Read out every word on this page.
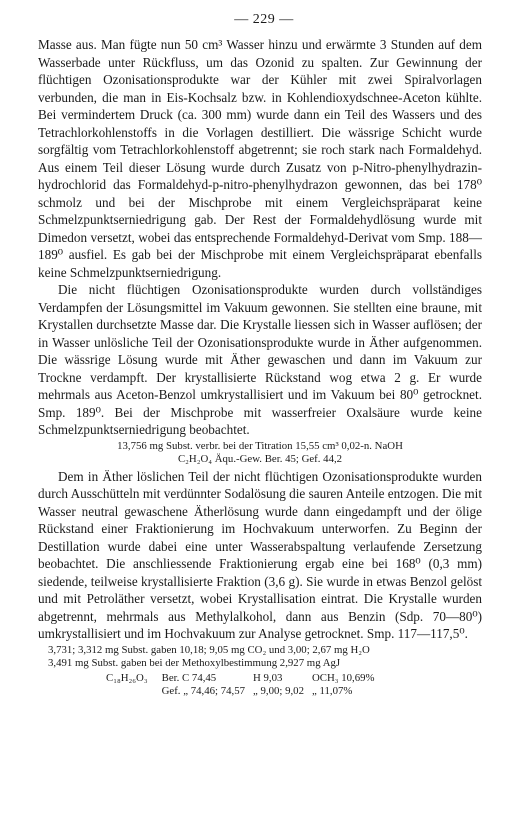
— 229 —

Masse aus. Man fügte nun 50 cm³ Wasser hinzu und erwärmte 3 Stunden auf dem Wasserbade unter Rückfluss, um das Ozonid zu spalten. Zur Gewinnung der flüchtigen Ozonisationsprodukte war der Kühler mit zwei Spiralvorlagen verbunden, die man in Eis-Kochsalz bzw. in Kohlendioxydschnee-Aceton kühlte. Bei vermindertem Druck (ca. 300 mm) wurde dann ein Teil des Wassers und des Tetrachlorkohlenstoffs in die Vorlagen destilliert. Die wässrige Schicht wurde sorgfältig vom Tetrachlorkohlenstoff abgetrennt; sie roch stark nach Formaldehyd. Aus einem Teil dieser Lösung wurde durch Zusatz von p-Nitro-phenylhydrazin-hydrochlorid das Formaldehyd-p-nitro-phenylhydrazon gewonnen, das bei 178⁰ schmolz und bei der Mischprobe mit einem Vergleichspräparat keine Schmelzpunktserniedrigung gab. Der Rest der Formaldehydlösung wurde mit Dimedon versetzt, wobei das entsprechende Formaldehyd-Derivat vom Smp. 188—189⁰ ausfiel. Es gab bei der Mischprobe mit einem Vergleichspräparat ebenfalls keine Schmelzpunktserniedrigung.

Die nicht flüchtigen Ozonisationsprodukte wurden durch vollständiges Verdampfen der Lösungsmittel im Vakuum gewonnen. Sie stellten eine braune, mit Krystallen durchsetzte Masse dar. Die Krystalle liessen sich in Wasser auflösen; der in Wasser unlösliche Teil der Ozonisationsprodukte wurde in Äther aufgenommen. Die wässrige Lösung wurde mit Äther gewaschen und dann im Vakuum zur Trockne verdampft. Der krystallisierte Rückstand wog etwa 2 g. Er wurde mehrmals aus Aceton-Benzol umkrystallisiert und im Vakuum bei 80⁰ getrocknet. Smp. 189⁰. Bei der Mischprobe mit wasserfreier Oxalsäure wurde keine Schmelzpunktserniedrigung beobachtet.

13,756 mg Subst. verbr. bei der Titration 15,55 cm³ 0,02-n. NaOH
C₂H₂O₄ Äqu.-Gew. Ber. 45; Gef. 44,2

Dem in Äther löslichen Teil der nicht flüchtigen Ozonisationsprodukte wurden durch Ausschütteln mit verdünnter Sodalösung die sauren Anteile entzogen. Die mit Wasser neutral gewaschene Ätherlösung wurde dann eingedampft und der ölige Rückstand einer Fraktionierung im Hochvakuum unterworfen. Zu Beginn der Destillation wurde dabei eine unter Wasserabspaltung verlaufende Zersetzung beobachtet. Die anschliessende Fraktionierung ergab eine bei 168⁰ (0,3 mm) siedende, teilweise krystallisierte Fraktion (3,6 g). Sie wurde in etwas Benzol gelöst und mit Petroläther versetzt, wobei Krystallisation eintrat. Die Krystalle wurden abgetrennt, mehrmals aus Methylalkohol, dann aus Benzin (Sdp. 70—80⁰) umkrystallisiert und im Hochvakuum zur Analyse getrocknet. Smp. 117—117,5⁰.

3,731; 3,312 mg Subst. gaben 10,18; 9,05 mg CO₂ und 3,00; 2,67 mg H₂O
3,491 mg Subst. gaben bei der Methoxylbestimmung 2,927 mg AgJ
C₁₈H₂₆O₃	Ber. C 74,45	H 9,03	OCH₃ 10,69%
	Gef. „ 74,46; 74,57	„ 9,00; 9,02	„ 11,07%
